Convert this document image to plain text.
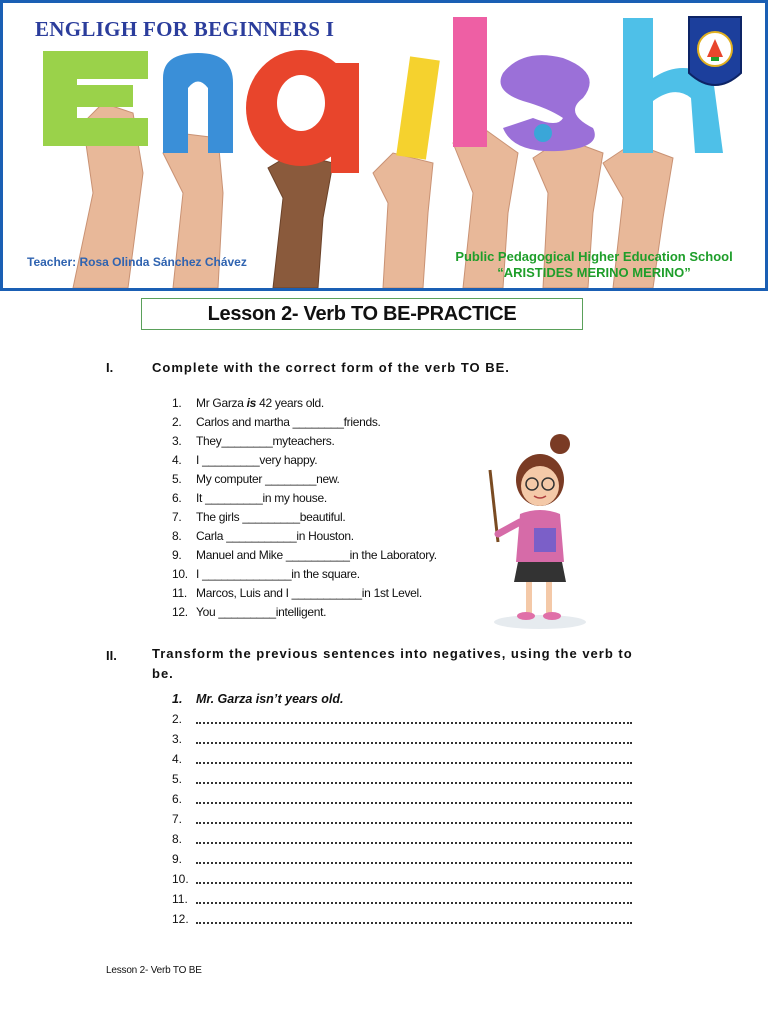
ENGLIGH FOR BEGINNERS I
Teacher: Rosa Olinda Sánchez Chávez	Public Pedagogical Higher Education School
“ARISTIDES MERINO MERINO”
Lesson 2- Verb TO BE-PRACTICE
I.	Complete with the correct form of the verb TO BE.
1.	Mr Garza is 42 years old.
2.	Carlos and martha ________friends.
3.	They________myteachers.
4.	I _________very happy.
5.	My computer ________new.
6.	It _________in my house.
7.	The girls _________beautiful.
8.	Carla ___________in Houston.
9.	Manuel and Mike __________in the Laboratory.
10. I ______________in the square.
11. Marcos, Luis and I ___________in 1st Level.
12. You _________intelligent.
II.	Transform the previous sentences into negatives, using the verb to
be.
1.	Mr. Garza isn’t years old.
2.
3.
4.
5.
6.
7.
8.
9.
10.
11.
12.
Lesson 2- Verb TO BE
